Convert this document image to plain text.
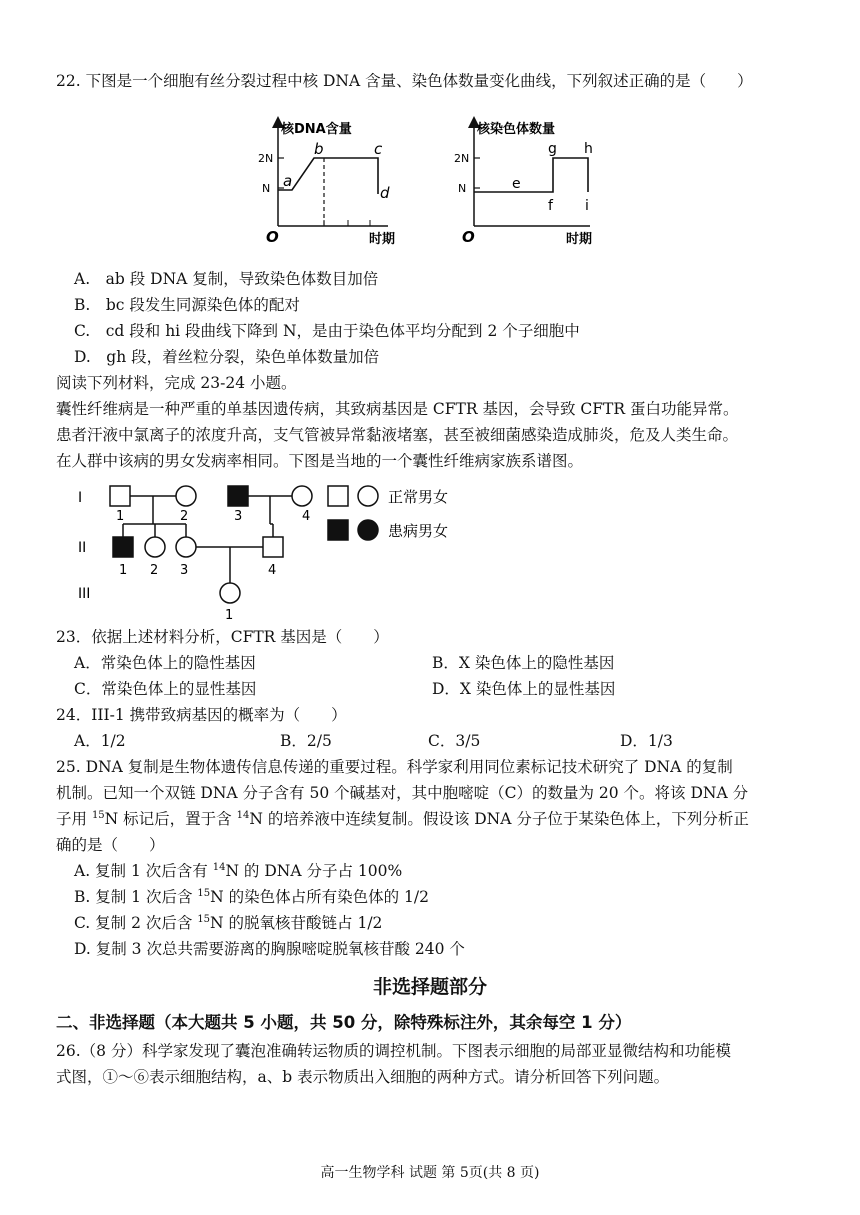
22. 下图是一个细胞有丝分裂过程中核 DNA 含量、染色体数量变化曲线，下列叙述正确的是（　　）
核DNA含量
2N
N
O	时期
a
b	c
d
核染色体数量
2N
N
O	时期
e
f
g h
i
A.　ab 段 DNA 复制，导致染色体数目加倍
B.　bc 段发生同源染色体的配对
C.　cd 段和 hi 段曲线下降到 N，是由于染色体平均分配到 2 个子细胞中
D.　gh 段，着丝粒分裂，染色单体数量加倍
阅读下列材料，完成 23-24 小题。
囊性纤维病是一种严重的单基因遗传病，其致病基因是 CFTR 基因，会导致 CFTR 蛋白功能异常。
患者汗液中氯离子的浓度升高，支气管被异常黏液堵塞，甚至被细菌感染造成肺炎，危及人类生命。
在人群中该病的男女发病率相同。下图是当地的一个囊性纤维病家族系谱图。
I
II
III
1	2	3	4
1 2 3	4
1
正常男女
患病男女
23．依据上述材料分析，CFTR 基因是（　　）
A．常染色体上的隐性基因	B．X 染色体上的隐性基因
C．常染色体上的显性基因	D．X 染色体上的显性基因
24．III-1 携带致病基因的概率为（　　）
A．1/2	B．2/5	C．3/5	D．1/3
25. DNA 复制是生物体遗传信息传递的重要过程。科学家利用同位素标记技术研究了 DNA 的复制
机制。已知一个双链 DNA 分子含有 50 个碱基对，其中胞嘧啶（C）的数量为 20 个。将该 DNA 分
子用 $^{15}$N 标记后，置于含 $^{14}$N 的培养液中连续复制。假设该 DNA 分子位于某染色体上，下列分析正
确的是（　　）
A. 复制 1 次后含有 $^{14}$N 的 DNA 分子占 100%
B. 复制 1 次后含 $^{15}$N 的染色体占所有染色体的 1/2
C. 复制 2 次后含 $^{15}$N 的脱氧核苷酸链占 1/2
D. 复制 3 次总共需要游离的胸腺嘧啶脱氧核苷酸 240 个
非选择题部分
二、非选择题（本大题共 5 小题，共 50 分，除特殊标注外，其余每空 1 分）
26.（8 分）科学家发现了囊泡准确转运物质的调控机制。下图表示细胞的局部亚显微结构和功能模
式图，①～⑥表示细胞结构，a、b 表示物质出入细胞的两种方式。请分析回答下列问题。
高一生物学科 试题 第 5页(共 8 页)
